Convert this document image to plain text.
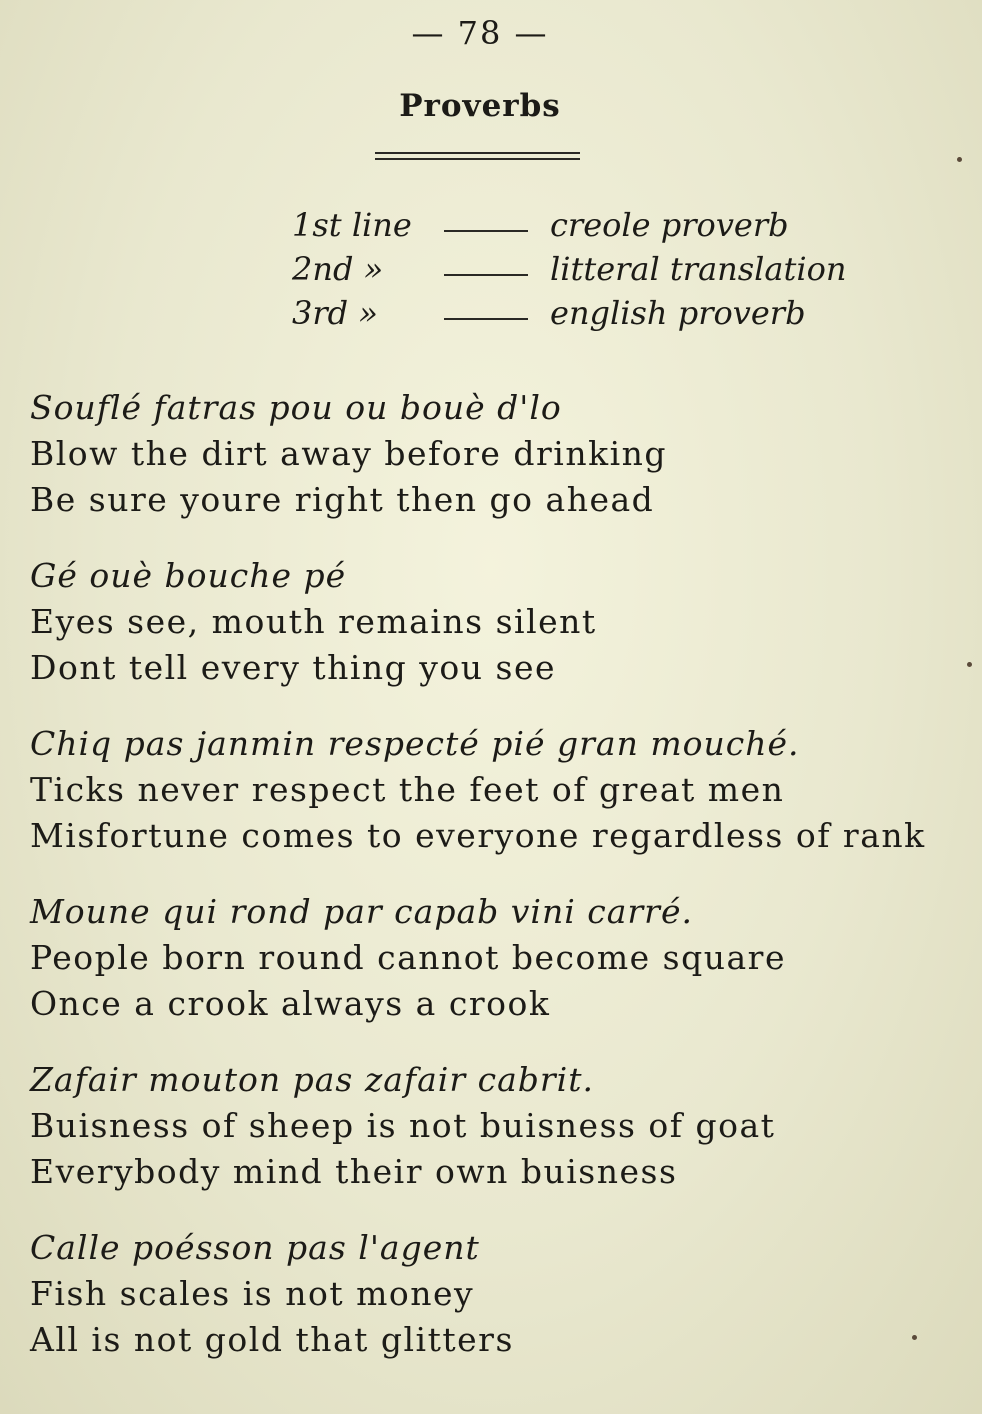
— 78 —
Proverbs
1st line	creole proverb
2nd »	litteral translation
3rd »	english proverb
Souflé fatras pou ou bouè d'lo
Blow the dirt away before drinking
Be sure youre right then go ahead
Gé ouè bouche pé
Eyes see, mouth remains silent
Dont tell every thing you see
Chiq pas janmin respecté pié gran mouché.
Ticks never respect the feet of great men
Misfortune comes to everyone regardless of rank
Moune qui rond par capab vini carré.
People born round cannot become square
Once a crook always a crook
Zafair mouton pas zafair cabrit.
Buisness of sheep is not buisness of goat
Everybody mind their own buisness
Calle poésson pas l'agent
Fish scales is not money
All is not gold that glitters
